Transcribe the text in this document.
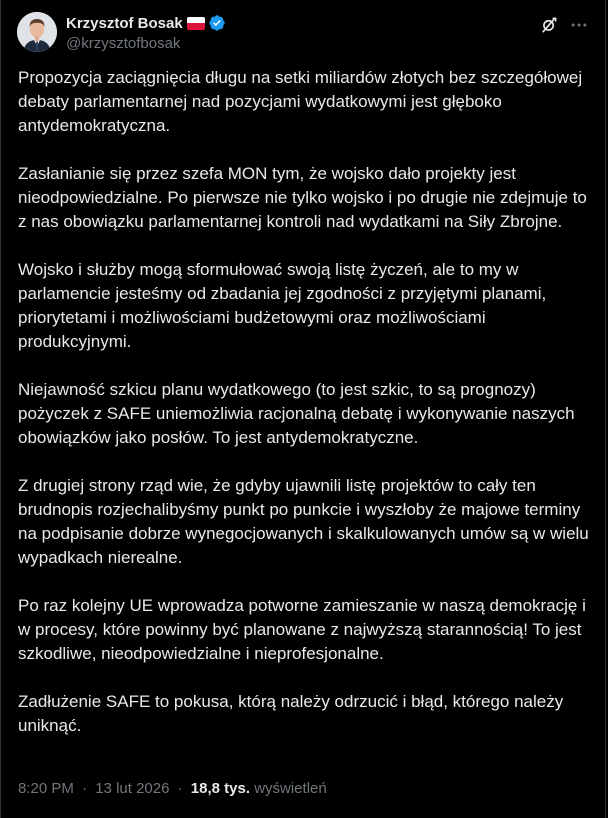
Krzysztof Bosak
@krzysztofbosak

Propozycja zaciągnięcia długu na setki miliardów złotych bez szczegółowej debaty parlamentarnej nad pozycjami wydatkowymi jest głęboko antydemokratyczna.

Zasłanianie się przez szefa MON tym, że wojsko dało projekty jest nieodpowiedzialne. Po pierwsze nie tylko wojsko i po drugie nie zdejmuje to z nas obowiązku parlamentarnej kontroli nad wydatkami na Siły Zbrojne.

Wojsko i służby mogą sformułować swoją listę życzeń, ale to my w parlamencie jesteśmy od zbadania jej zgodności z przyjętymi planami, priorytetami i możliwościami budżetowymi oraz możliwościami produkcyjnymi.

Niejawność szkicu planu wydatkowego (to jest szkic, to są prognozy) pożyczek z SAFE uniemożliwia racjonalną debatę i wykonywanie naszych obowiązków jako posłów. To jest antydemokratyczne.

Z drugiej strony rząd wie, że gdyby ujawnili listę projektów to cały ten brudnopis rozjechalibyśmy punkt po punkcie i wyszłoby że majowe terminy na podpisanie dobrze wynegocjowanych i skalkulowanych umów są w wielu wypadkach nierealne.

Po raz kolejny UE wprowadza potworne zamieszanie w naszą demokrację i w procesy, które powinny być planowane z najwyższą starannością! To jest szkodliwe, nieodpowiedzialne i nieprofesjonalne.

Zadłużenie SAFE to pokusa, którą należy odrzucić i błąd, którego należy uniknąć.

8:20 PM · 13 lut 2026 · 18,8 tys. wyświetleń
